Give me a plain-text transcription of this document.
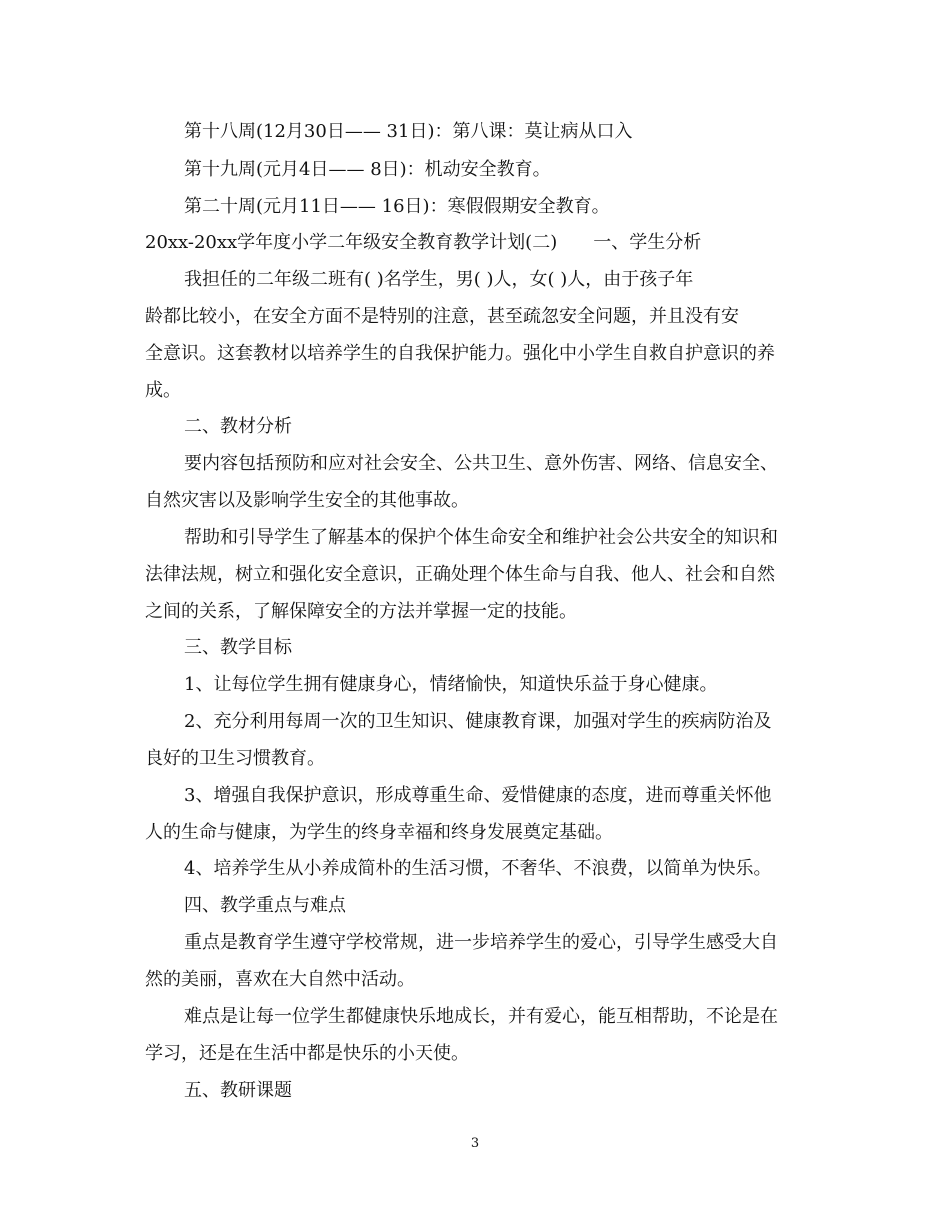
第十八周(12月30日—— 31日)：第八课：莫让病从口入
第十九周(元月4日—— 8日)：机动安全教育。
第二十周(元月11日—— 16日)：寒假假期安全教育。
20xx-20xx学年度小学二年级安全教育教学计划(二) 一、学生分析
我担任的二年级二班有( )名学生，男( )人，女( )人，由于孩子年
龄都比较小，在安全方面不是特别的注意，甚至疏忽安全问题，并且没有安
全意识。这套教材以培养学生的自我保护能力。强化中小学生自救自护意识的养
成。
二、教材分析
要内容包括预防和应对社会安全、公共卫生、意外伤害、网络、信息安全、
自然灾害以及影响学生安全的其他事故。
帮助和引导学生了解基本的保护个体生命安全和维护社会公共安全的知识和
法律法规，树立和强化安全意识，正确处理个体生命与自我、他人、社会和自然
之间的关系，了解保障安全的方法并掌握一定的技能。
三、教学目标
1、让每位学生拥有健康身心，情绪愉快，知道快乐益于身心健康。
2、充分利用每周一次的卫生知识、健康教育课，加强对学生的疾病防治及
良好的卫生习惯教育。
3、增强自我保护意识，形成尊重生命、爱惜健康的态度，进而尊重关怀他
人的生命与健康，为学生的终身幸福和终身发展奠定基础。
4、培养学生从小养成简朴的生活习惯，不奢华、不浪费，以简单为快乐。
四、教学重点与难点
重点是教育学生遵守学校常规，进一步培养学生的爱心，引导学生感受大自
然的美丽，喜欢在大自然中活动。
难点是让每一位学生都健康快乐地成长，并有爱心，能互相帮助，不论是在
学习，还是在生活中都是快乐的小天使。
五、教研课题
3
